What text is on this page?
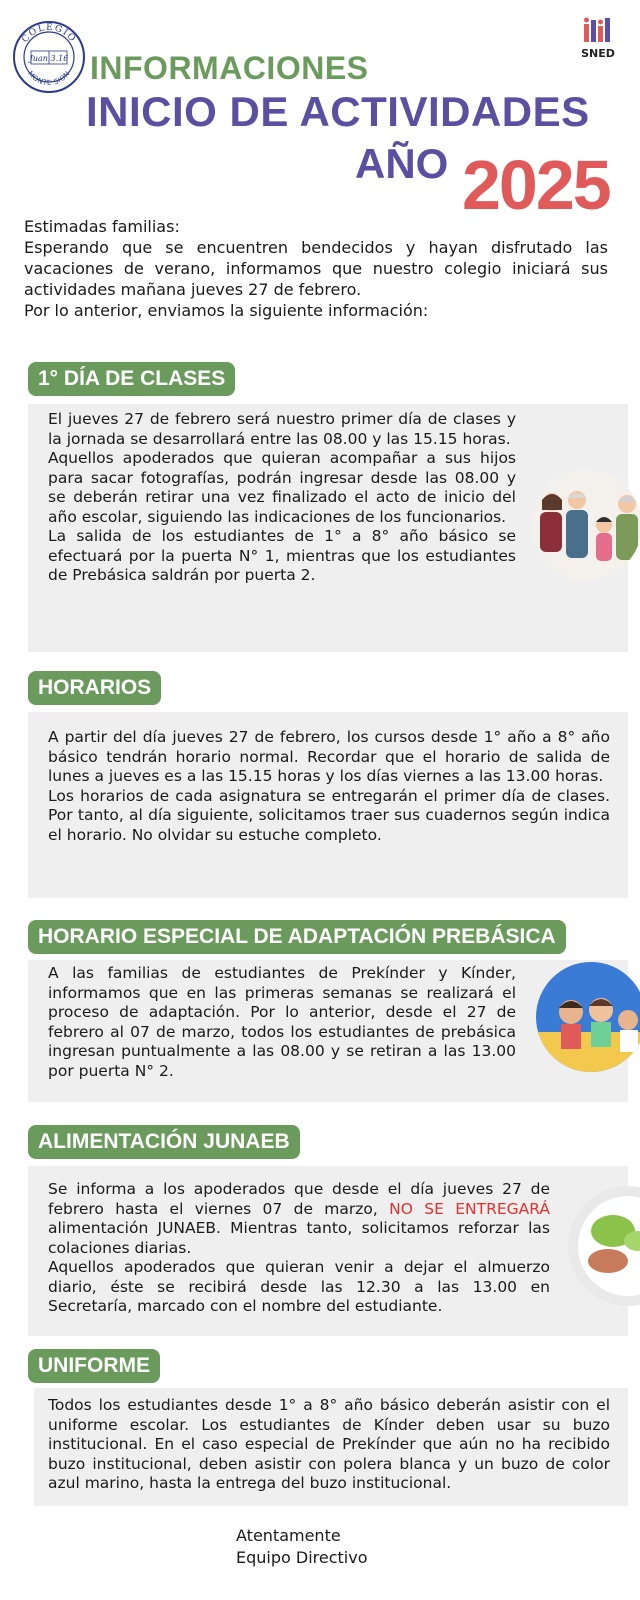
COLEGIO
MONTE SION
Juan 3.16	SNED
INFORMACIONES
INICIO DE ACTIVIDADES
AÑO 2025

Estimadas familias:

Esperando que se encuentren bendecidos y hayan disfrutado las vacaciones de verano, informamos que nuestro colegio iniciará sus actividades mañana jueves 27 de febrero.

Por lo anterior, enviamos la siguiente información:

1° DÍA DE CLASES

El jueves 27 de febrero será nuestro primer día de clases y la jornada se desarrollará entre las 08.00 y las 15.15 horas.

Aquellos apoderados que quieran acompañar a sus hijos para sacar fotografías, podrán ingresar desde las 08.00 y se deberán retirar una vez finalizado el acto de inicio del año escolar, siguiendo las indicaciones de los funcionarios.

La salida de los estudiantes de 1° a 8° año básico se efectuará por la puerta N° 1, mientras que los estudiantes de Prebásica saldrán por puerta 2.

HORARIOS

A partir del día jueves 27 de febrero, los cursos desde 1° año a 8° año básico tendrán horario normal. Recordar que el horario de salida de lunes a jueves es a las 15.15 horas y los días viernes a las 13.00 horas.

Los horarios de cada asignatura se entregarán el primer día de clases. Por tanto, al día siguiente, solicitamos traer sus cuadernos según indica el horario. No olvidar su estuche completo.

HORARIO ESPECIAL DE ADAPTACIÓN PREBÁSICA

A las familias de estudiantes de Prekínder y Kínder, informamos que en las primeras semanas se realizará el proceso de adaptación. Por lo anterior, desde el 27 de febrero al 07 de marzo, todos los estudiantes de prebásica ingresan puntualmente a las 08.00 y se retiran a las 13.00 por puerta N° 2.

ALIMENTACIÓN JUNAEB

Se informa a los apoderados que desde el día jueves 27 de febrero hasta el viernes 07 de marzo, NO SE ENTREGARÁ alimentación JUNAEB. Mientras tanto, solicitamos reforzar las colaciones diarias.

Aquellos apoderados que quieran venir a dejar el almuerzo diario, éste se recibirá desde las 12.30 a las 13.00 en Secretaría, marcado con el nombre del estudiante.

UNIFORME

Todos los estudiantes desde 1° a 8° año básico deberán asistir con el uniforme escolar. Los estudiantes de Kínder deben usar su buzo institucional. En el caso especial de Prekínder que aún no ha recibido buzo institucional, deben asistir con polera blanca y un buzo de color azul marino, hasta la entrega del buzo institucional.

Atentamente
Equipo Directivo
